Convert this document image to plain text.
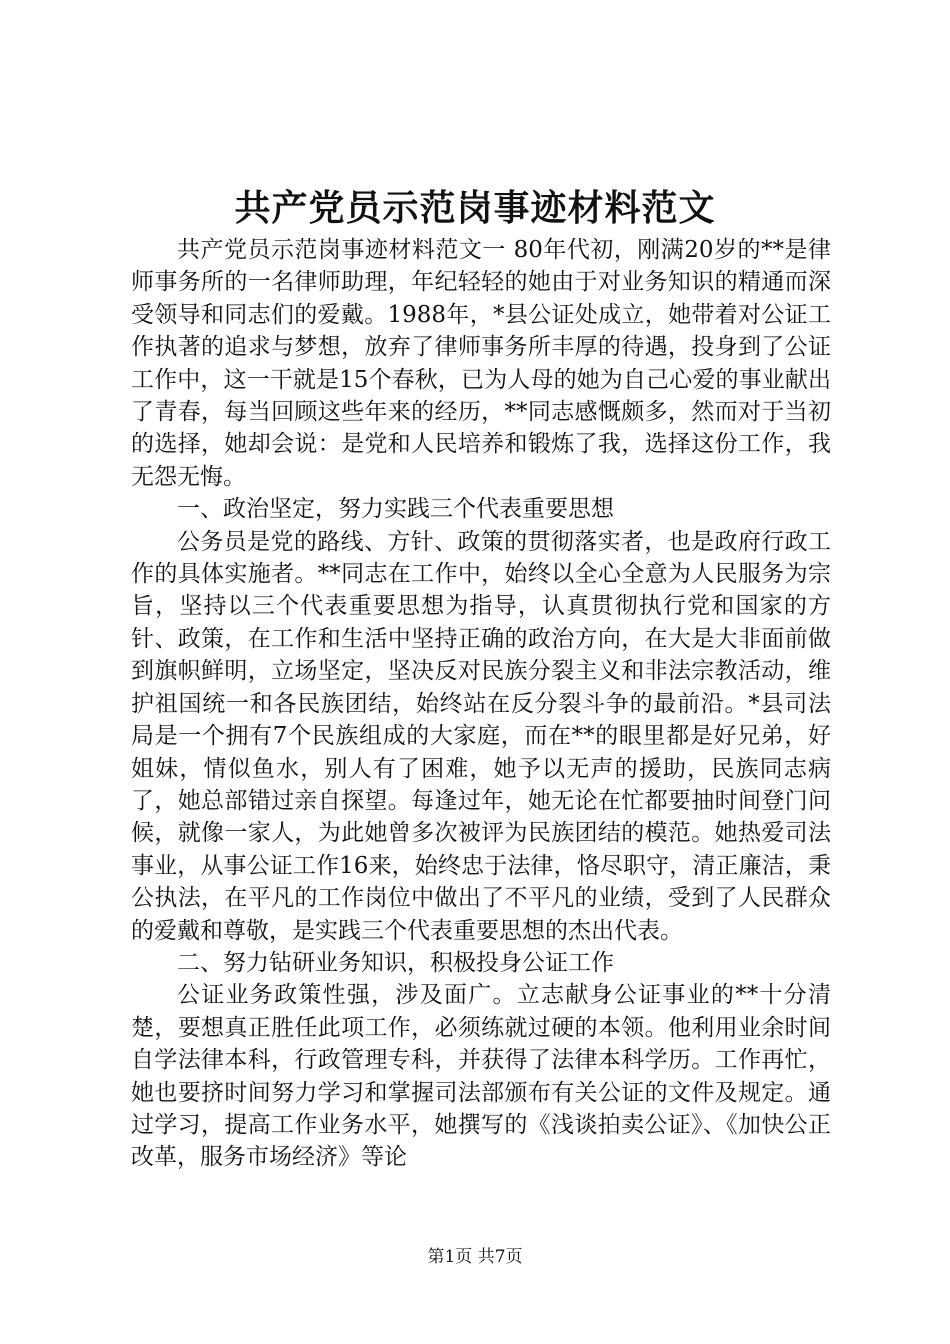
共产党员示范岗事迹材料范文

共产党员示范岗事迹材料范文一 80年代初，刚满20岁的**是律师事务所的一名律师助理，年纪轻轻的她由于对业务知识的精通而深受领导和同志们的爱戴。1988年，*县公证处成立，她带着对公证工作执著的追求与梦想，放弃了律师事务所丰厚的待遇，投身到了公证工作中，这一干就是15个春秋，已为人母的她为自己心爱的事业献出了青春，每当回顾这些年来的经历，**同志感慨颇多，然而对于当初的选择，她却会说：是党和人民培养和锻炼了我，选择这份工作，我无怨无悔。

一、政治坚定，努力实践三个代表重要思想

公务员是党的路线、方针、政策的贯彻落实者，也是政府行政工作的具体实施者。**同志在工作中，始终以全心全意为人民服务为宗旨，坚持以三个代表重要思想为指导，认真贯彻执行党和国家的方针、政策，在工作和生活中坚持正确的政治方向，在大是大非面前做到旗帜鲜明，立场坚定，坚决反对民族分裂主义和非法宗教活动，维护祖国统一和各民族团结，始终站在反分裂斗争的最前沿。*县司法局是一个拥有7个民族组成的大家庭，而在**的眼里都是好兄弟，好姐妹，情似鱼水，别人有了困难，她予以无声的援助，民族同志病了，她总部错过亲自探望。每逢过年，她无论在忙都要抽时间登门问候，就像一家人，为此她曾多次被评为民族团结的模范。她热爱司法事业，从事公证工作16来，始终忠于法律，恪尽职守，清正廉洁，秉公执法，在平凡的工作岗位中做出了不平凡的业绩，受到了人民群众的爱戴和尊敬，是实践三个代表重要思想的杰出代表。

二、努力钻研业务知识，积极投身公证工作

公证业务政策性强，涉及面广。立志献身公证事业的**十分清楚，要想真正胜任此项工作，必须练就过硬的本领。他利用业余时间自学法律本科，行政管理专科，并获得了法律本科学历。工作再忙，她也要挤时间努力学习和掌握司法部颁布有关公证的文件及规定。通过学习，提高工作业务水平，她撰写的《浅谈拍卖公证》、《加快公正改革，服务市场经济》等论

第1页 共7页
